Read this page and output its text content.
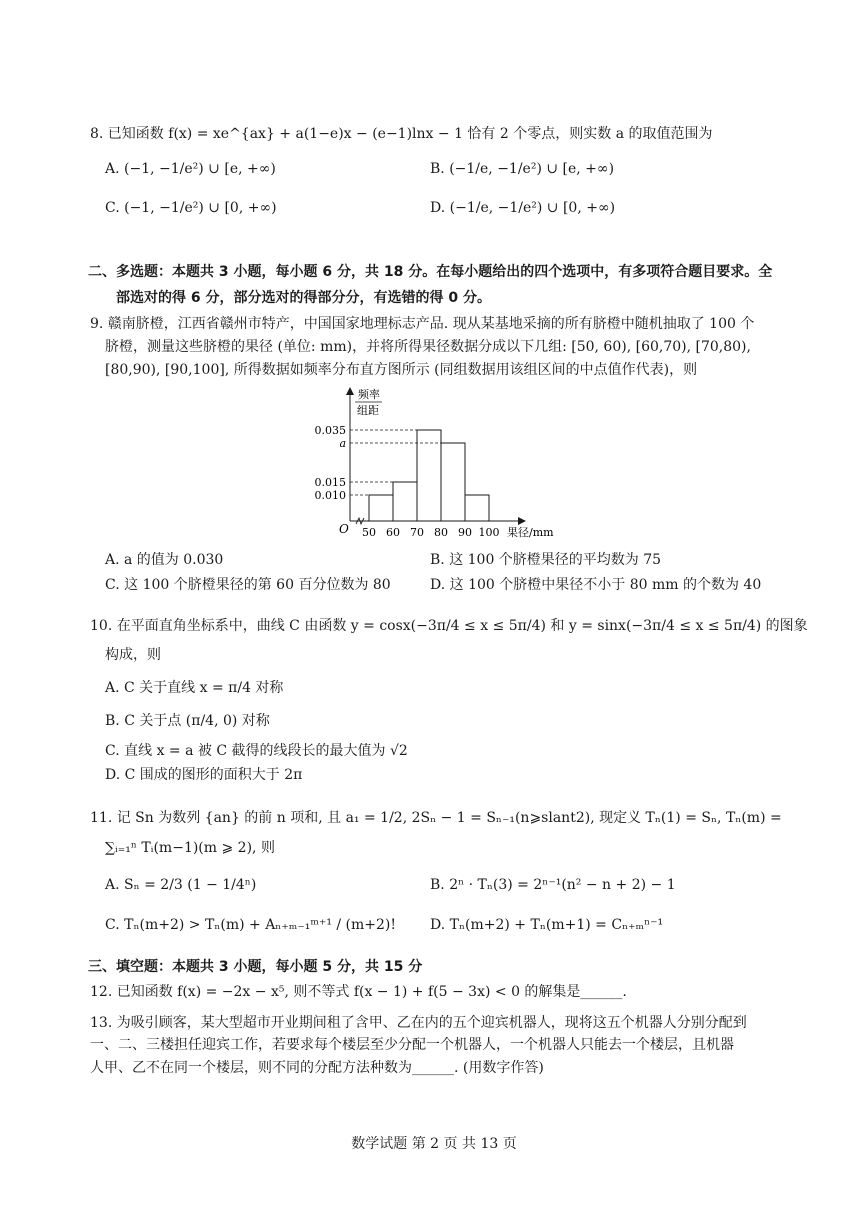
8. 已知函数 f(x) = xe^{ax} + a(1−e)x − (e−1)lnx − 1 恰有 2 个零点，则实数 a 的取值范围为
A. (−1, −1/e²) ∪ [e, +∞)	B. (−1/e, −1/e²) ∪ [e, +∞)
C. (−1, −1/e²) ∪ [0, +∞)	D. (−1/e, −1/e²) ∪ [0, +∞)
二、多选题：本题共 3 小题，每小题 6 分，共 18 分。在每小题给出的四个选项中，有多项符合题目要求。全
部选对的得 6 分，部分选对的得部分分，有选错的得 0 分。
9. 赣南脐橙，江西省赣州市特产，中国国家地理标志产品. 现从某基地采摘的所有脐橙中随机抽取了 100 个
脐橙，测量这些脐橙的果径 (单位: mm)，并将所得果径数据分成以下几组: [50, 60), [60,70), [70,80),
[80,90), [90,100], 所得数据如频率分布直方图所示 (同组数据用该组区间的中点值作代表)，则
频率
组距
O
0.035
a
0.015
0.010
50 60 70 80 90 100 果径/mm
A. a 的值为 0.030	B. 这 100 个脐橙果径的平均数为 75
C. 这 100 个脐橙果径的第 60 百分位数为 80	D. 这 100 个脐橙中果径不小于 80 mm 的个数为 40
10. 在平面直角坐标系中，曲线 C 由函数 y = cosx(−3π/4 ≤ x ≤ 5π/4) 和 y = sinx(−3π/4 ≤ x ≤ 5π/4) 的图象
构成，则
A. C 关于直线 x = π/4 对称
B. C 关于点 (π/4, 0) 对称
C. 直线 x = a 被 C 截得的线段长的最大值为 √2
D. C 围成的图形的面积大于 2π
11. 记 Sn 为数列 {an} 的前 n 项和, 且 a₁ = 1/2, 2Sₙ − 1 = Sₙ₋₁(n⩾slant2), 现定义 Tₙ(1) = Sₙ, Tₙ(m) =
∑ᵢ₌₁ⁿ Tᵢ(m−1)(m ⩾ 2), 则
A. Sₙ = 2/3 (1 − 1/4ⁿ)	B. 2ⁿ · Tₙ(3) = 2ⁿ⁻¹(n² − n + 2) − 1
C. Tₙ(m+2) > Tₙ(m) + Aₙ₊ₘ₋₁ᵐ⁺¹ / (m+2)! D. Tₙ(m+2) + Tₙ(m+1) = Cₙ₊ₘⁿ⁻¹
三、填空题：本题共 3 小题，每小题 5 分，共 15 分
12. 已知函数 f(x) = −2x − x⁵, 则不等式 f(x − 1) + f(5 − 3x) < 0 的解集是______.
13. 为吸引顾客，某大型超市开业期间租了含甲、乙在内的五个迎宾机器人，现将这五个机器人分别分配到
一、二、三楼担任迎宾工作，若要求每个楼层至少分配一个机器人，一个机器人只能去一个楼层，且机器
人甲、乙不在同一个楼层，则不同的分配方法种数为______. (用数字作答)
数学试题 第 2 页 共 13 页
